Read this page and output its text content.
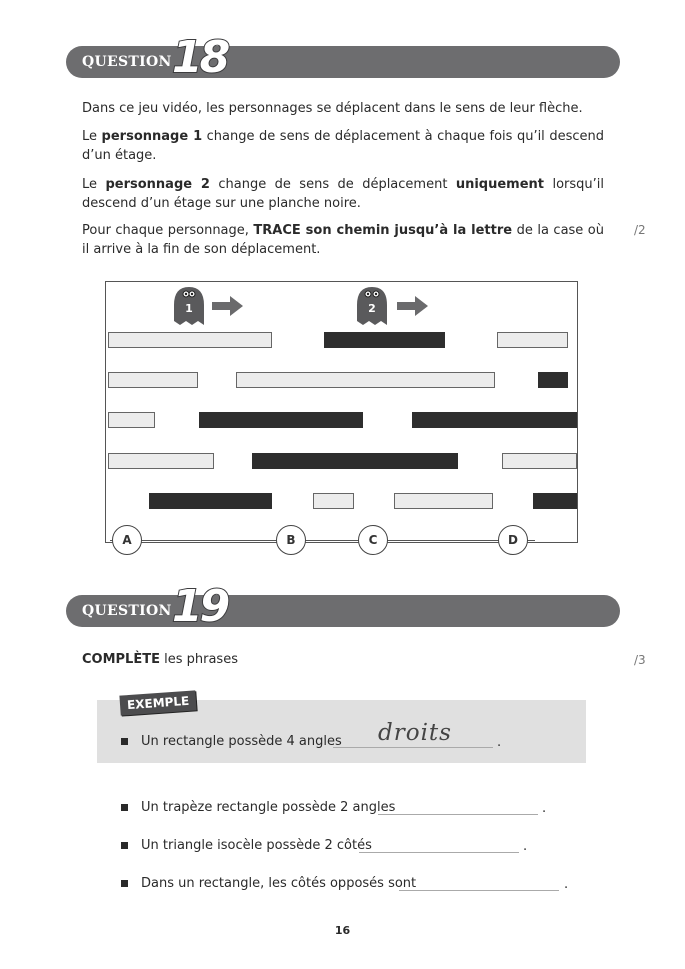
QUESTION 18

Dans ce jeu vidéo, les personnages se déplacent dans le sens de leur flèche.

Le personnage 1 change de sens de déplacement à chaque fois qu’il descend d’un étage.

Le personnage 2 change de sens de déplacement uniquement lorsqu’il descend d’un étage sur une planche noire.

Pour chaque personnage, TRACE son chemin jusqu’à la lettre de la case où il arrive à la fin de son déplacement.

/2
1	2
A	B	C	D
QUESTION 19
COMPLÈTE les phrases	/3
EXEMPLE
Un rectangle possède 4 angles droits	.
Un trapèze rectangle possède 2 angles	.
Un triangle isocèle possède 2 côtés	.
Dans un rectangle, les côtés opposés sont	.
16
